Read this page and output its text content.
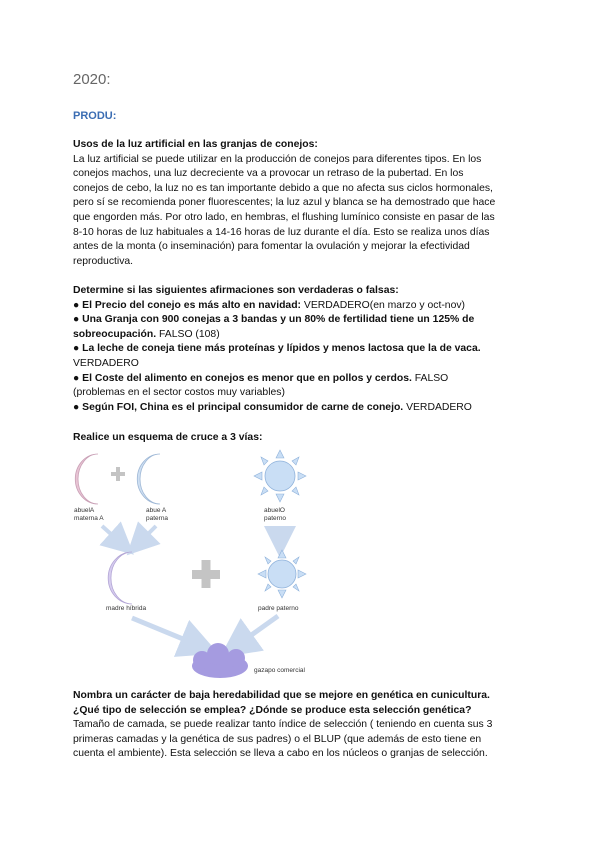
2020:
PRODU:

Usos de la luz artificial en las granjas de conejos:

La luz artificial se puede utilizar en la producción de conejos para diferentes tipos. En los

conejos machos, una luz decreciente va a provocar un retraso de la pubertad. En los

conejos de cebo, la luz no es tan importante debido a que no afecta sus ciclos hormonales,

pero sí se recomienda poner fluorescentes; la luz azul y blanca se ha demostrado que hace

que engorden más. Por otro lado, en hembras, el flushing lumínico consiste en pasar de las

8-10 horas de luz habituales a 14-16 horas de luz durante el día. Esto se realiza unos días

antes de la monta (o inseminación) para fomentar la ovulación y mejorar la efectividad

reproductiva.

Determine si las siguientes afirmaciones son verdaderas o falsas:

● El Precio del conejo es más alto en navidad: VERDADERO(en marzo y oct-nov)

● Una Granja con 900 conejas a 3 bandas y un 80% de fertilidad tiene un 125% de

sobreocupación. FALSO (108)

● La leche de coneja tiene más proteínas y lípidos y menos lactosa que la de vaca.

VERDADERO

● El Coste del alimento en conejos es menor que en pollos y cerdos. FALSO

(problemas en el sector costos muy variables)

● Según FOI, China es el principal consumidor de carne de conejo. VERDADERO

Realice un esquema de cruce a 3 vías:

abuelA
materna A
abue A
paterna
abuelO
paterno
madre híbrida	padre paterno
gazapo comercial

Nombra un carácter de baja heredabilidad que se mejore en genética en cunicultura.

¿Qué tipo de selección se emplea? ¿Dónde se produce esta selección genética?

Tamaño de camada, se puede realizar tanto índice de selección ( teniendo en cuenta sus 3

primeras camadas y la genética de sus padres) o el BLUP (que además de esto tiene en

cuenta el ambiente). Esta selección se lleva a cabo en los núcleos o granjas de selección.
